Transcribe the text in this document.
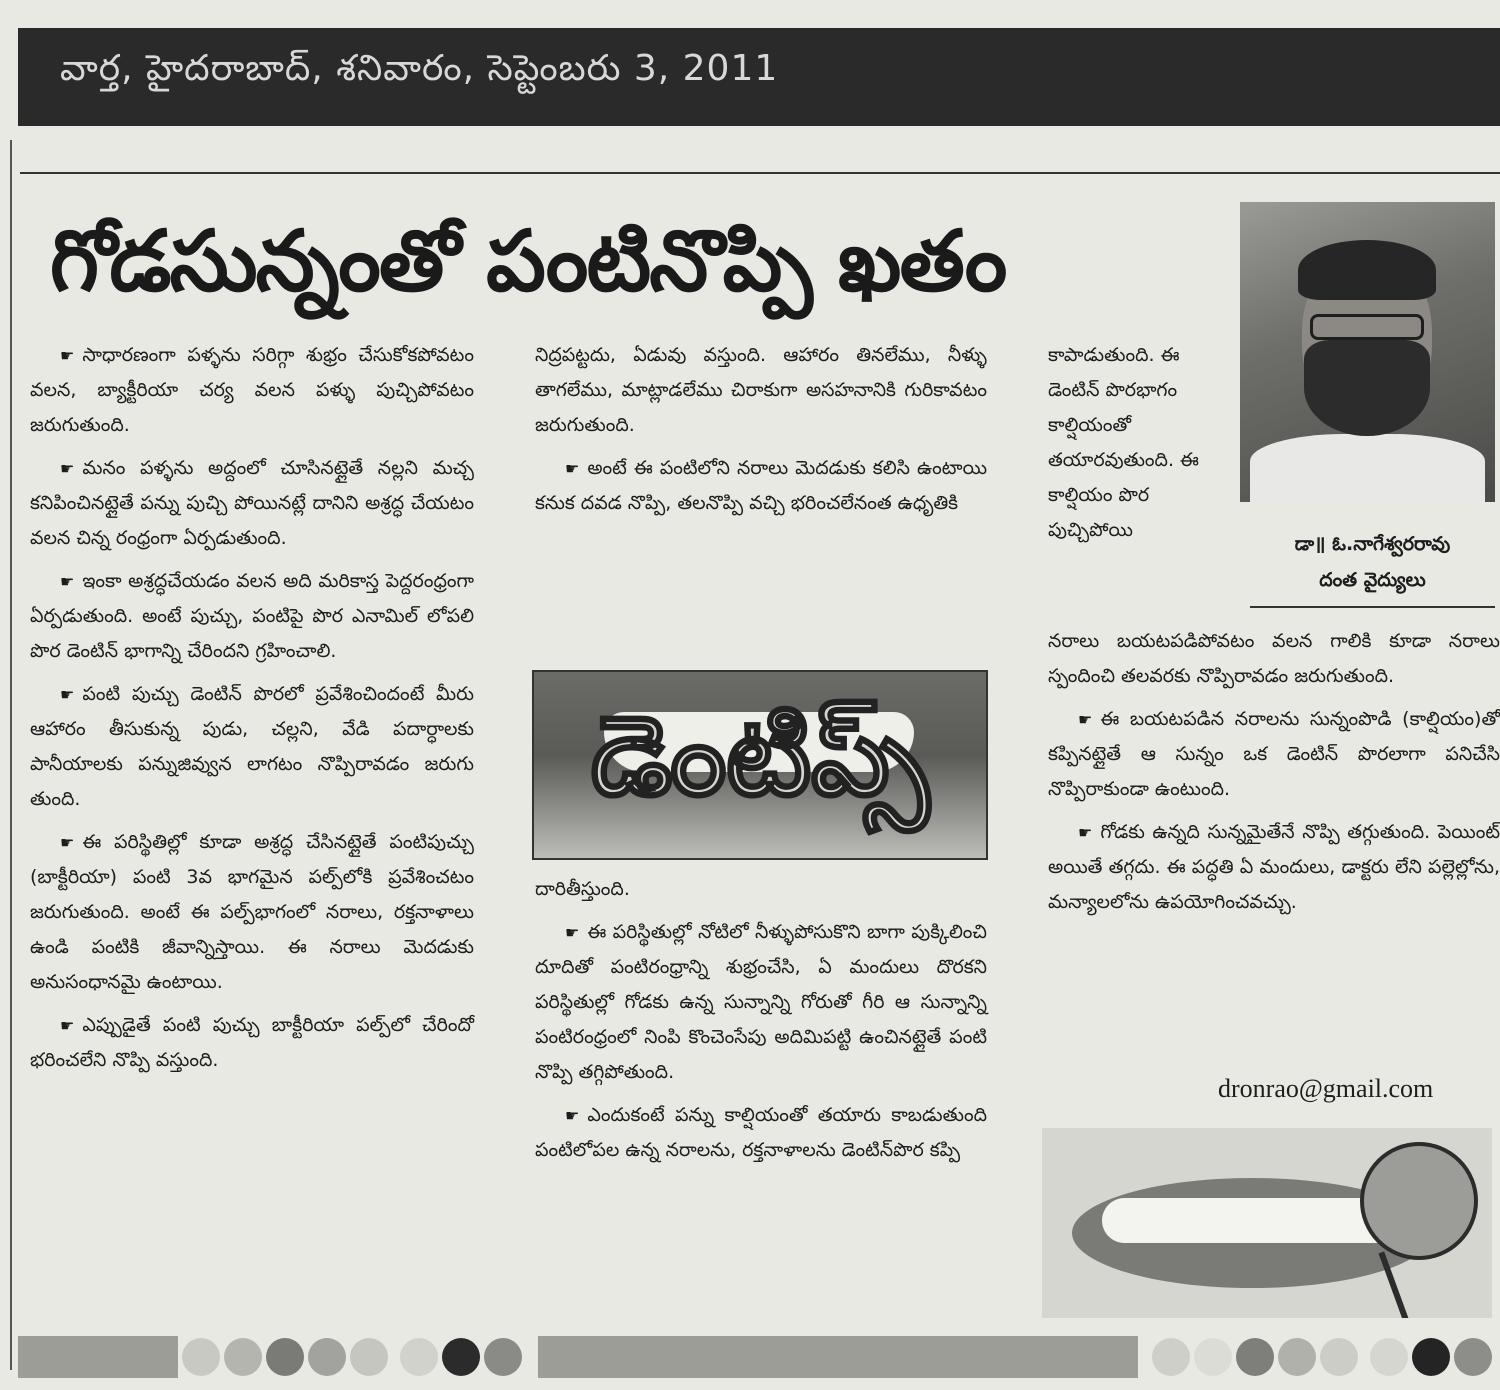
వార్త, హైదరాబాద్, శనివారం, సెప్టెంబరు 3, 2011
గోడసున్నంతో పంటినొప్పి ఖతం

☛ సాధారణంగా పళ్ళను సరిగ్గా శుభ్రం చేసుకోకపోవటం వలన, బ్యాక్టీరియా చర్య వలన పళ్ళు పుచ్చిపోవటం జరుగుతుంది.

☛ మనం పళ్ళను అద్దంలో చూసినట్లైతే నల్లని మచ్చ కనిపించినట్లైతే పన్ను పుచ్చి పోయినట్లే దానిని అశ్రద్ధ చేయటం వలన చిన్న రంధ్రంగా ఏర్పడుతుంది.

☛ ఇంకా అశ్రద్ధచేయడం వలన అది మరికాస్త పెద్దరంధ్రంగా ఏర్పడుతుంది. అంటే పుచ్చు, పంటిపై పొర ఎనామిల్ లోపలి పొర డెంటిన్ భాగాన్ని చేరిందని గ్రహించాలి.

☛ పంటి పుచ్చు డెంటిన్ పొరలో ప్రవేశించిందంటే మీరు ఆహారం తీసుకున్న పుడు, చల్లని, వేడి పదార్ధాలకు పానీయాలకు పన్నుజివ్వున లాగటం నొప్పిరావడం జరుగు తుంది.

☛ ఈ పరిస్థితిల్లో కూడా అశ్రద్ధ చేసినట్లైతే పంటిపుచ్చు (బాక్టీరియా) పంటి 3వ భాగమైన పల్ప్‌లోకి ప్రవేశించటం జరుగుతుంది. అంటే ఈ పల్ప్‌భాగంలో నరాలు, రక్తనాళాలు ఉండి పంటికి జీవాన్నిస్తాయి. ఈ నరాలు మెదడుకు అనుసంధానమై ఉంటాయి.

☛ ఎప్పుడైతే పంటి పుచ్చు బాక్టీరియా పల్ప్‌లో చేరిందో భరించలేని నొప్పి వస్తుంది.

నిద్రపట్టదు, ఏడువు వస్తుంది. ఆహారం తినలేము, నీళ్ళు తాగలేము, మాట్లాడలేము చిరాకుగా అసహనానికి గురికావటం జరుగుతుంది.

☛ అంటే ఈ పంటిలోని నరాలు మెదడుకు కలిసి ఉంటాయి కనుక దవడ నొప్పి, తలనొప్పి వచ్చి భరించలేనంత ఉధృతికి

డెంటిప్స్

దారితీస్తుంది.

☛ ఈ పరిస్థితుల్లో నోటిలో నీళ్ళుపోసుకొని బాగా పుక్కిలించి దూదితో పంటిరంధ్రాన్ని శుభ్రంచేసి, ఏ మందులు దొరకని పరిస్థితుల్లో గోడకు ఉన్న సున్నాన్ని గోరుతో గీరి ఆ సున్నాన్ని పంటిరంధ్రంలో నింపి కొంచెంసేపు అదిమిపట్టి ఉంచినట్లైతే పంటి నొప్పి తగ్గిపోతుంది.

☛ ఎందుకంటే పన్ను కాల్షియంతో తయారు కాబడుతుంది పంటిలోపల ఉన్న నరాలను, రక్తనాళాలను డెంటిన్‌పొర కప్పి

కాపాడుతుంది. ఈ డెంటిన్ పొరభాగం కాల్షియంతో తయారవుతుంది. ఈ కాల్షియం పొర పుచ్చిపోయి

డా॥ ఓ.నాగేశ్వరరావు
దంత వైద్యులు

నరాలు బయటపడిపోవటం వలన గాలికి కూడా నరాలు స్పందించి తలవరకు నొప్పిరావడం జరుగుతుంది.

☛ ఈ బయటపడిన నరాలను సున్నంపొడి (కాల్షియం)తో కప్పినట్లైతే ఆ సున్నం ఒక డెంటిన్ పొరలాగా పనిచేసి నొప్పిరాకుండా ఉంటుంది.

☛ గోడకు ఉన్నది సున్నమైతేనే నొప్పి తగ్గుతుంది. పెయింట్ అయితే తగ్గదు. ఈ పద్ధతి ఏ మందులు, డాక్టరు లేని పల్లెల్లోను, మన్యాలలోను ఉపయోగించవచ్చు.

dronrao@gmail.com
